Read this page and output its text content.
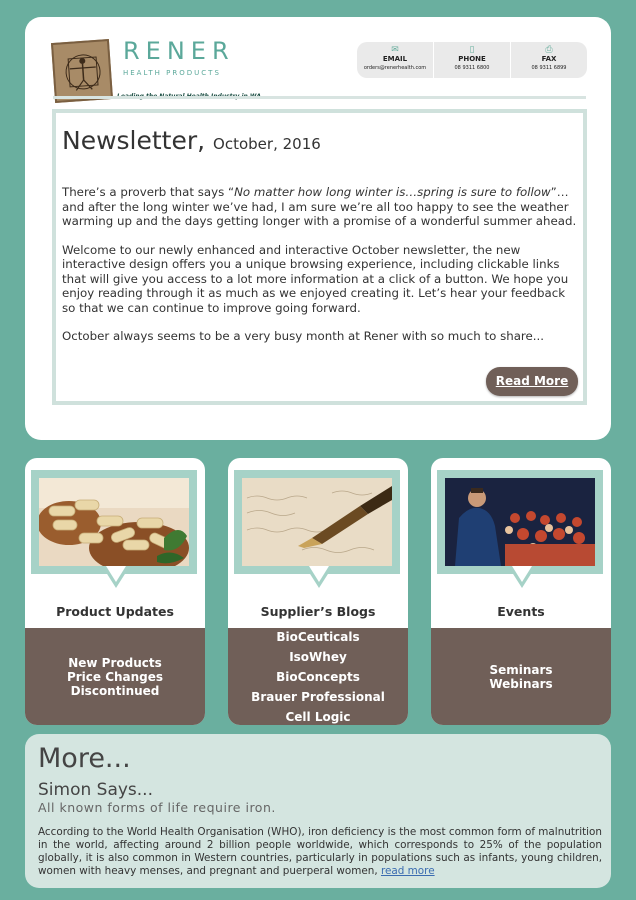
RENER
HEALTH PRODUCTS
✉
EMAIL
orders@renerhealth.com
▯
PHONE
08 9311 6800
⎙
FAX
08 9311 6899
Newsletter, October, 2016

There’s a proverb that says “No matter how long winter is…spring is sure to follow”… and after the long winter we’ve had, I am sure we’re all too happy to see the weather warming up and the days getting longer with a promise of a wonderful summer ahead.

Welcome to our newly enhanced and interactive October newsletter, the new interactive design offers you a unique browsing experience, including clickable links that will give you access to a lot more information at a click of a button. We hope you enjoy reading through it as much as we enjoyed creating it. Let’s hear your feedback so that we can continue to improve going forward.

October always seems to be a very busy month at Rener with so much to share...

Read More
Product Updates
New Products
Price Changes
Discontinued
Supplier’s Blogs
BioCeuticals
IsoWhey
BioConcepts
Brauer Professional
Cell Logic
Events
Seminars
Webinars
More...
Simon Says...
All known forms of life require iron.
According to the World Health Organisation (WHO), iron deficiency is the most common form of malnutrition in the world, affecting around 2 billion people worldwide, which corresponds to 25% of the population globally, it is also common in Western countries, particularly in populations such as infants, young children, women with heavy menses, and pregnant and puerperal women, read more
